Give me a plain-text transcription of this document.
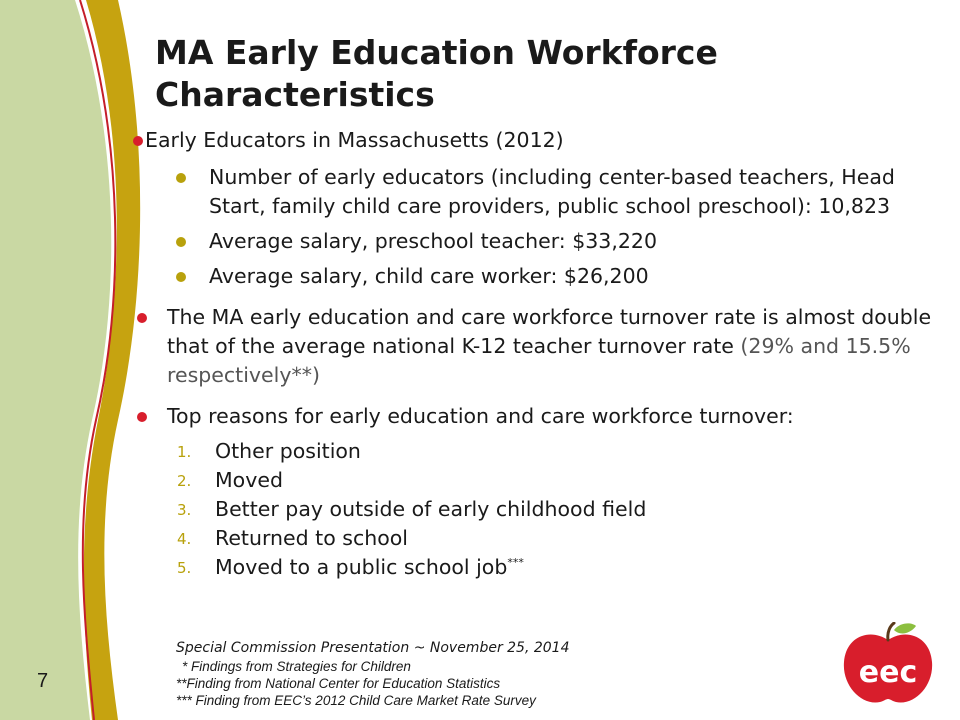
MA Early Education Workforce Characteristics
Early Educators in Massachusetts (2012)
Number of early educators (including center-based teachers, Head Start, family child care providers, public school preschool): 10,823
Average salary, preschool teacher: $33,220
Average salary, child care worker: $26,200
The MA early education and care workforce turnover rate is almost double that of the average national K-12 teacher turnover rate (29% and 15.5% respectively**)
Top reasons for early education and care workforce turnover:
1. Other position
2. Moved
3. Better pay outside of early childhood field
4. Returned to school
5. Moved to a public school job***
Special Commission Presentation ~ November 25, 2014
* Findings from Strategies for Children
**Finding from National Center for Education Statistics
*** Finding from EEC’s 2012 Child Care Market Rate Survey
7	eec
